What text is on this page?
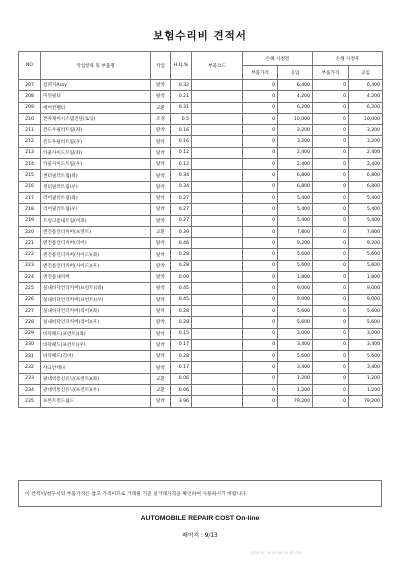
보험수리비 견적서
NO	작업항목 및 부품명	작업	H.Q.%	부품코드	손해 사정전		손해 사정후	
					부품가격	공임	부품가격	공임
207	컴퍼지Assy	탈착	0.32		0	6,400	0	6,400
208	미연필터	탈착	0.21		0	4,200	0	4,200
209	에어컨펠터	교환	0.31		0	6,200	0	6,200
210	전자제어시스템진단(로딩)	조정	0.5		0	10,000	0	10,000
211	윈도우필러트림(좌)	탈착	0.16		0	3,200	0	3,200
212	윈도우필러트림(우)	탈착	0.16		0	3,200	0	3,200
213	카울사이드트림(좌)	탈착	0.12		0	2,400	0	2,400
214	카울사이드트림(우)	탈착	0.12		0	2,400	0	2,400
215	센터필러트림(좌)	탈착	0.34		0	6,800	0	6,800
216	센터필러트림(우)	탈착	0.34		0	6,800	0	6,800
217	리어필러트림(좌)	탈착	0.27		0	5,400	0	5,400
218	리어필러트림(우)	탈착	0.27		0	5,400	0	5,400
219	트렁크룸내트림(어퍼)	탈착	0.27		0	5,400	0	5,400
220	엔진룸언더커버(프런트)	교환	0.39		0	7,800	0	7,800
221	엔진룸언더커버(리어)	탈착	0.46		0	9,200	0	9,200
222	엔진룸언더커버(사이드)(좌)	탈착	0.28		0	5,600	0	5,600
223	엔진룸언더커버(사이드)(우)	탈착	0.28		0	5,600	0	5,600
224	엔진룸내커버	탈착	0.09		0	1,800	0	1,800
225	실내바닥언더커버(프런트)(좌)	탈착	0.45		0	9,000	0	9,000
226	실내바닥언더커버(프런트)(우)	탈착	0.45		0	9,000	0	9,000
227	실내바닥언더커버(리어)(좌)	탈착	0.28		0	5,600	0	5,600
228	실내바닥언더커버(리어)(우)	탈착	0.28		0	5,600	0	5,600
229	바닥패드(프런트)(좌)	탈착	0.15		0	3,000	0	3,000
230	바닥패드(프런트)(우)	탈착	0.17		0	3,400	0	3,400
231	바닥패드(리어)	탈착	0.28		0	5,600	0	5,600
232	샤크안테나	탈착	0.17		0	3,400	0	3,400
233	광대역통신유닛(프런트)(좌)	교환	0.06		0	1,200	0	1,200
234	광대역통신유닛(프런트)(우)	교환	0.06		0	1,200	0	1,200
235	프론트윈드쉴드	탈착	3.96		0	79,200	0	79,200
이 견적서/청구서의 부품가격은 참고 가격이므로 거래될 기준 실거래가격을 확인하여 사용하시기 바랍니다.
AUTOMOBILE REPAIR COST On-line
페이지 : 9/13
2024-01-18 08:36:55 AT1791
